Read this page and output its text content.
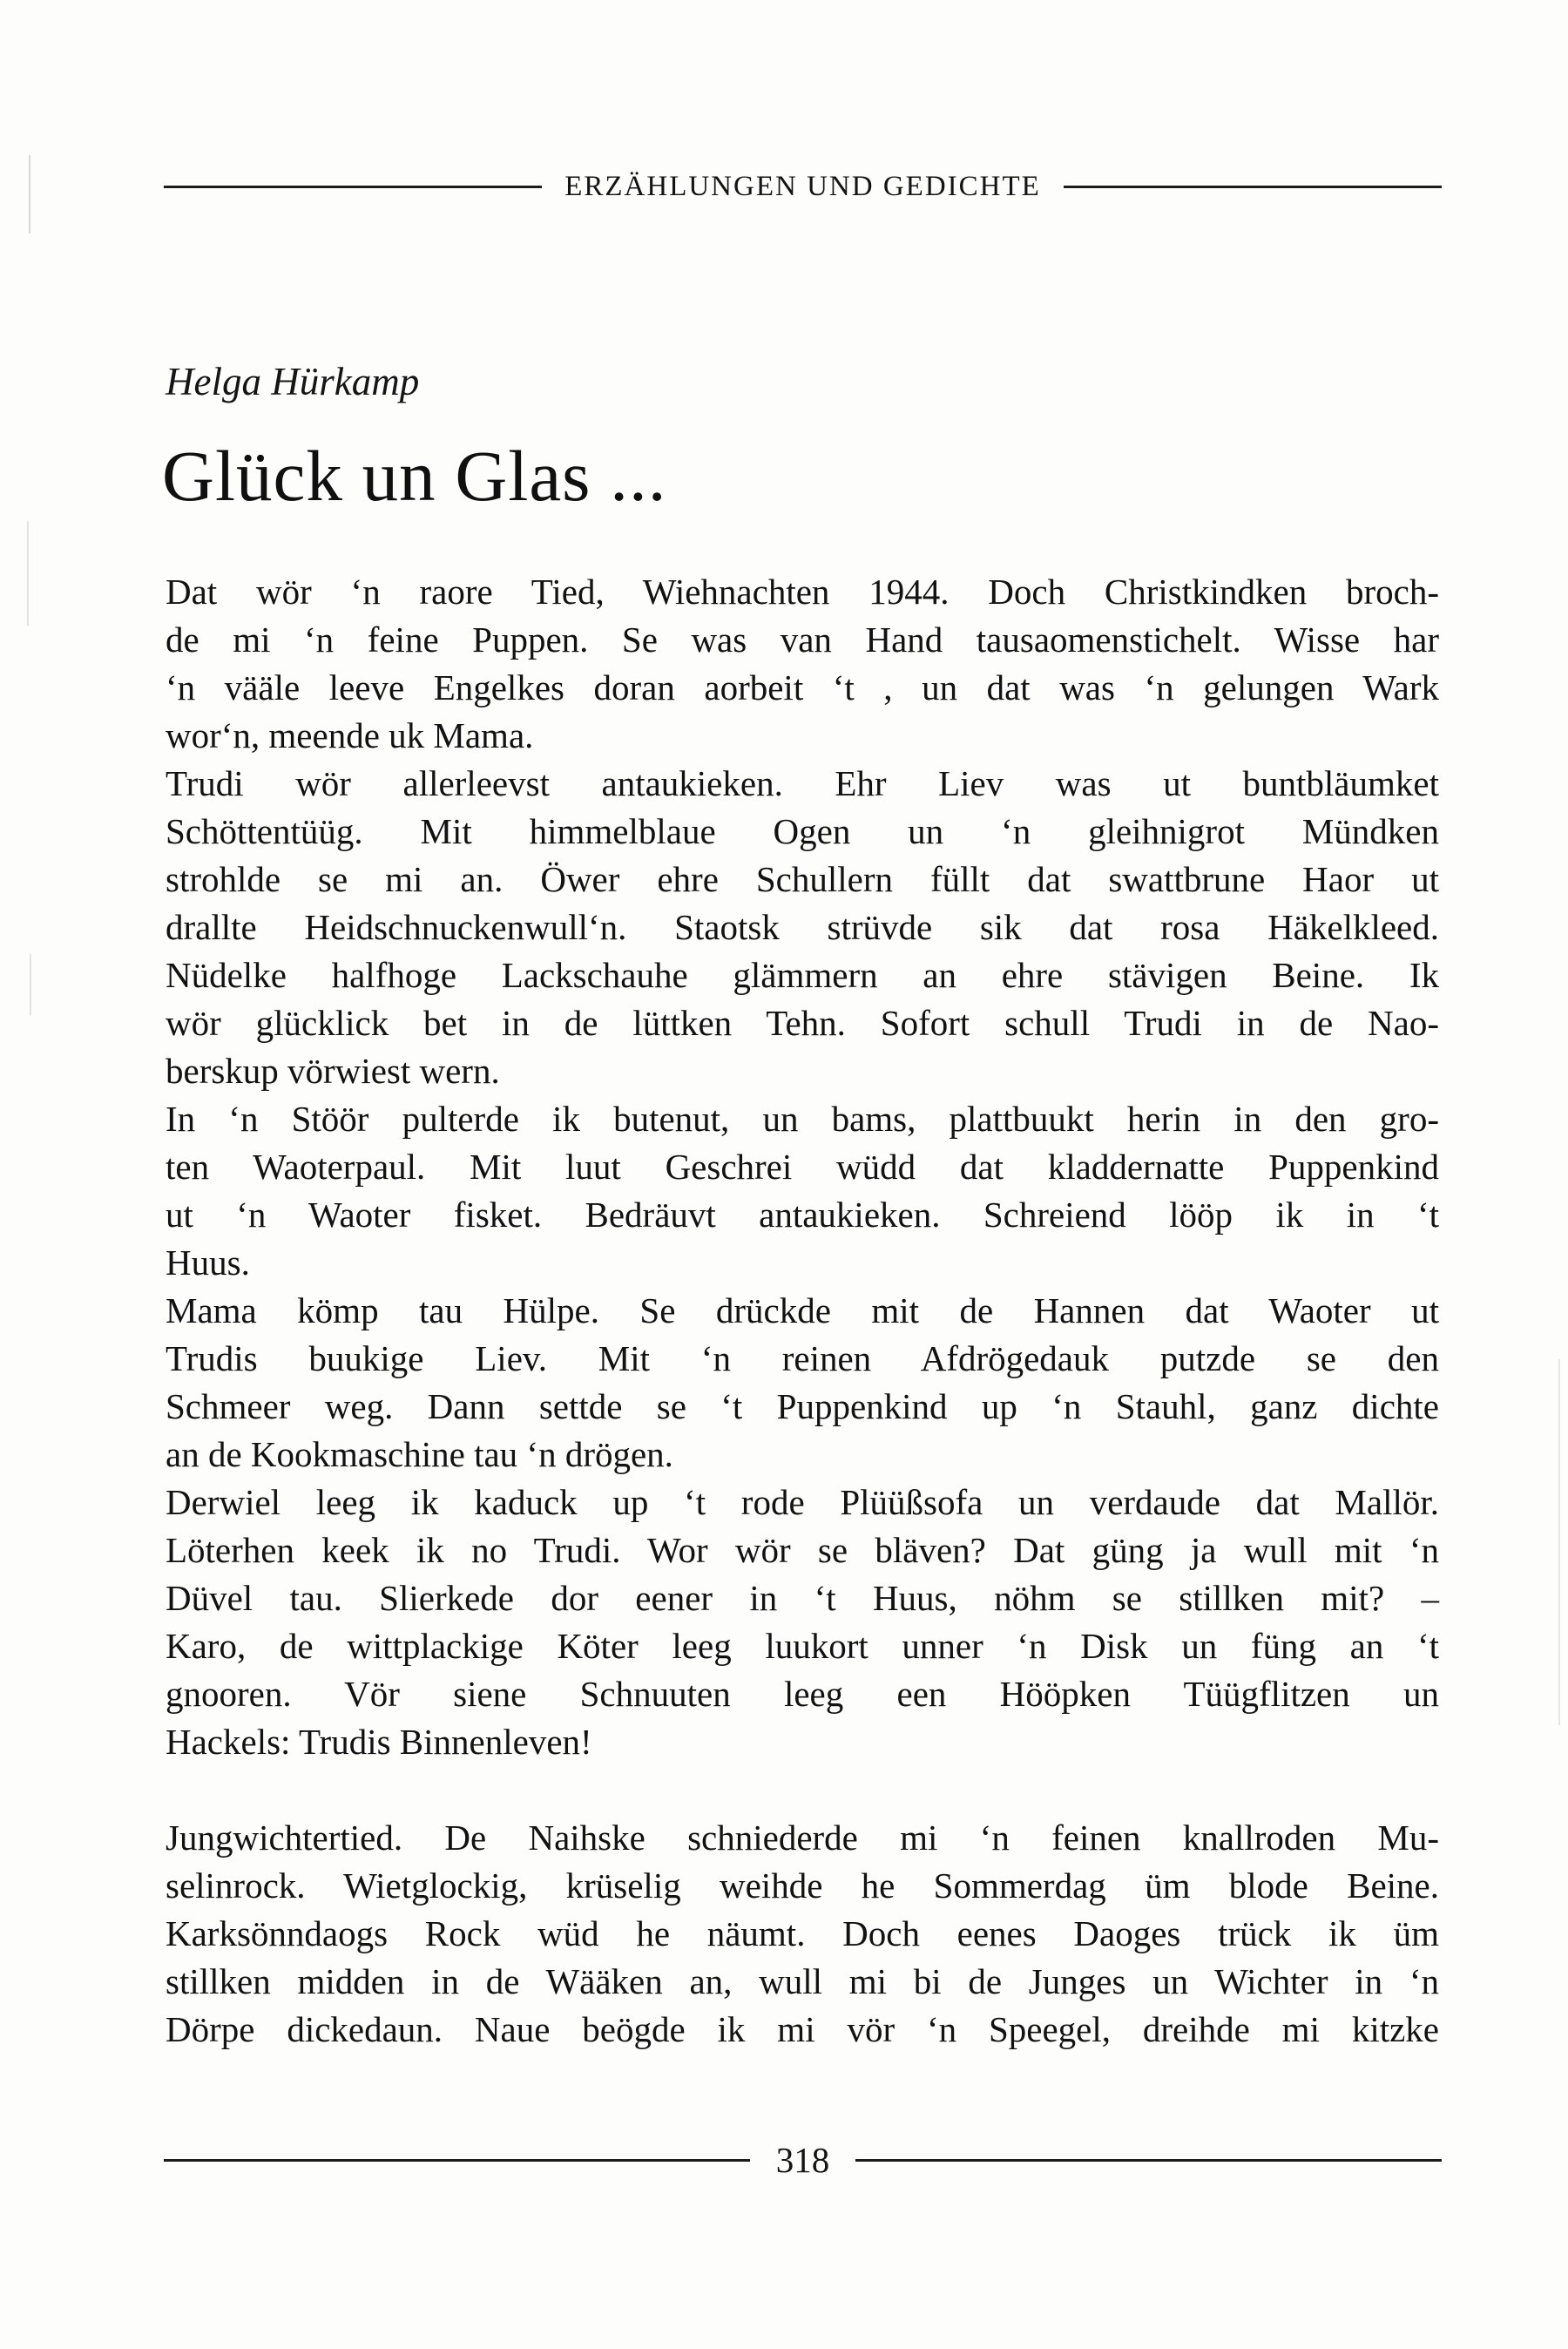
ERZÄHLUNGEN UND GEDICHTE
Helga Hürkamp
Glück un Glas ...
Dat wör ‘n raore Tied, Wiehnachten 1944. Doch Christkindken broch-
de mi ‘n feine Puppen. Se was van Hand tausaomenstichelt. Wisse har
‘n vääle leeve Engelkes doran aorbeit ‘t , un dat was ‘n gelungen Wark
wor‘n, meende uk Mama.
Trudi wör allerleevst antaukieken. Ehr Liev was ut buntbläumket
Schöttentüüg. Mit himmelblaue Ogen un ‘n gleihnigrot Mündken
strohlde se mi an. Öwer ehre Schullern füllt dat swattbrune Haor ut
drallte Heidschnuckenwull‘n. Staotsk strüvde sik dat rosa Häkelkleed.
Nüdelke halfhoge Lackschauhe glämmern an ehre stävigen Beine. Ik
wör glücklick bet in de lüttken Tehn. Sofort schull Trudi in de Nao-
berskup vörwiest wern.
In ‘n Stöör pulterde ik butenut, un bams, plattbuukt herin in den gro-
ten Waoterpaul. Mit luut Geschrei wüdd dat kladdernatte Puppenkind
ut ‘n Waoter fisket. Bedräuvt antaukieken. Schreiend lööp ik in ‘t
Huus.
Mama kömp tau Hülpe. Se drückde mit de Hannen dat Waoter ut
Trudis buukige Liev. Mit ‘n reinen Afdrögedauk putzde se den
Schmeer weg. Dann settde se ‘t Puppenkind up ‘n Stauhl, ganz dichte
an de Kookmaschine tau ‘n drögen.
Derwiel leeg ik kaduck up ‘t rode Plüüßsofa un verdaude dat Mallör.
Löterhen keek ik no Trudi. Wor wör se bläven? Dat güng ja wull mit ‘n
Düvel tau. Slierkede dor eener in ‘t Huus, nöhm se stillken mit? –
Karo, de wittplackige Köter leeg luukort unner ‘n Disk un füng an ‘t
gnooren. Vör siene Schnuuten leeg een Hööpken Tüügflitzen un
Hackels: Trudis Binnenleven!
Jungwichtertied. De Naihske schniederde mi ‘n feinen knallroden Mu-
selinrock. Wietglockig, krüselig weihde he Sommerdag üm blode Beine.
Karksönndaogs Rock wüd he näumt. Doch eenes Daoges trück ik üm
stillken midden in de Wääken an, wull mi bi de Junges un Wichter in ‘n
Dörpe dickedaun. Naue beögde ik mi vör ‘n Speegel, dreihde mi kitzke
318
